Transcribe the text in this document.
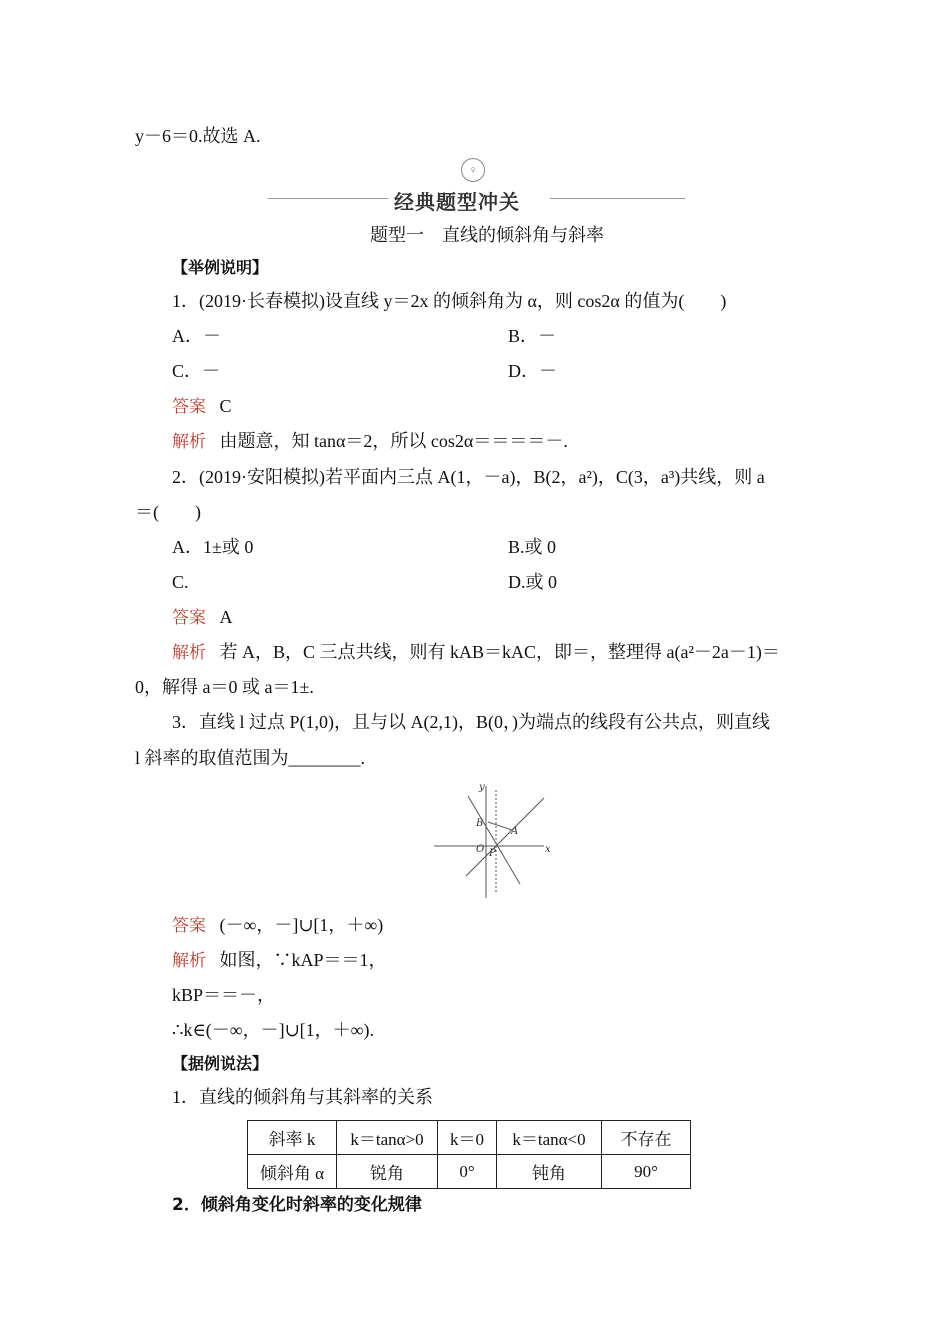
y－6＝0.故选 A.
♀
经典题型冲关
题型一　直线的倾斜角与斜率
【举例说明】
1．(2019·长春模拟)设直线 y＝2x 的倾斜角为 α，则 cos2α 的值为(　　)
A．－	B．－
C．－	D．－
答案 C
解析 由题意，知 tanα＝2，所以 cos2α＝＝＝＝－.
2．(2019·安阳模拟)若平面内三点 A(1，－a)，B(2，a²)，C(3，a³)共线，则 a
＝(　　)
A．1±或 0	B.或 0
C.	D.或 0
答案 A
解析 若 A，B，C 三点共线，则有 kAB＝kAC，即＝，整理得 a(a²－2a－1)＝
0，解得 a＝0 或 a＝1±.
3．直线 l 过点 P(1,0)，且与以 A(2,1)，B(0，)为端点的线段有公共点，则直线
l 斜率的取值范围为________.
y
x
B
A
O P
答案 (－∞，－]∪[1，＋∞)
解析 如图，∵kAP＝＝1，
kBP＝＝－，
∴k∈(－∞，－]∪[1，＋∞).
【据例说法】
1．直线的倾斜角与其斜率的关系
斜率 k	k＝tanα>0	k＝0	k＝tanα<0	不存在
倾斜角 α	锐角	0°	钝角	90°
2．倾斜角变化时斜率的变化规律
